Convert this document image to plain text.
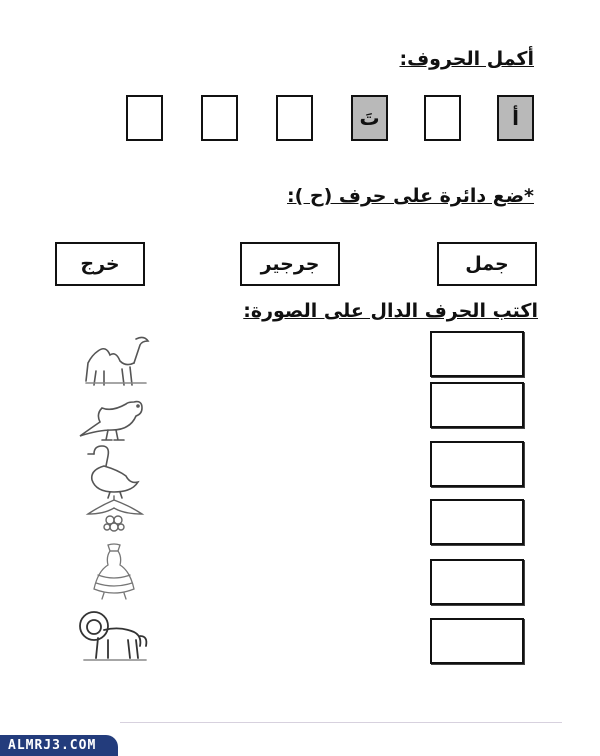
أكمل الحروف:
أ
تَ
*ضع دائرة على حرف (ح ):
جمل
جرجير
خرج
اكتب الحرف الدال على الصورة:
ALMRJ3.COM
